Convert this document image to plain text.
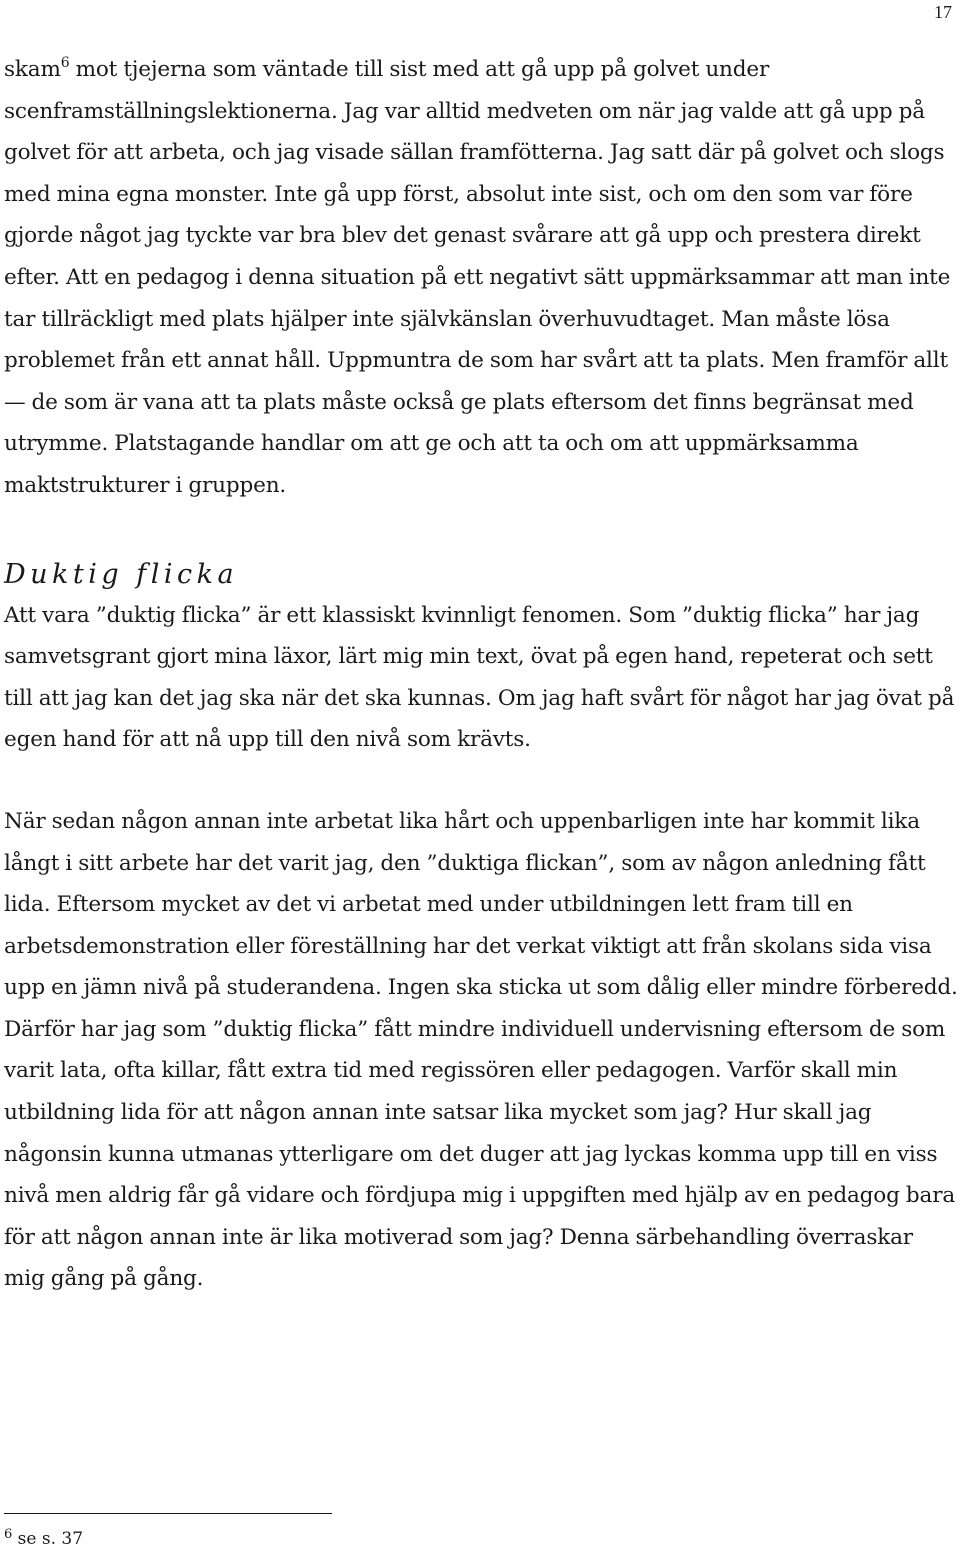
17

skam$^6$ mot tjejerna som väntade till sist med att gå upp på golvet under scenframställningslektionerna. Jag var alltid medveten om när jag valde att gå upp på golvet för att arbeta, och jag visade sällan framfötterna. Jag satt där på golvet och slogs med mina egna monster. Inte gå upp först, absolut inte sist, och om den som var före gjorde något jag tyckte var bra blev det genast svårare att gå upp och prestera direkt efter. Att en pedagog i denna situation på ett negativt sätt uppmärksammar att man inte tar tillräckligt med plats hjälper inte självkänslan överhuvudtaget. Man måste lösa problemet från ett annat håll. Uppmuntra de som har svårt att ta plats. Men framför allt — de som är vana att ta plats måste också ge plats eftersom det finns begränsat med utrymme. Platstagande handlar om att ge och att ta och om att uppmärksamma maktstrukturer i gruppen.

Duktig flicka

Att vara ”duktig flicka” är ett klassiskt kvinnligt fenomen. Som ”duktig flicka” har jag samvetsgrant gjort mina läxor, lärt mig min text, övat på egen hand, repeterat och sett till att jag kan det jag ska när det ska kunnas. Om jag haft svårt för något har jag övat på egen hand för att nå upp till den nivå som krävts.

När sedan någon annan inte arbetat lika hårt och uppenbarligen inte har kommit lika långt i sitt arbete har det varit jag, den ”duktiga flickan”, som av någon anledning fått lida. Eftersom mycket av det vi arbetat med under utbildningen lett fram till en arbetsdemonstration eller föreställning har det verkat viktigt att från skolans sida visa upp en jämn nivå på studerandena. Ingen ska sticka ut som dålig eller mindre förberedd. Därför har jag som ”duktig flicka” fått mindre individuell undervisning eftersom de som varit lata, ofta killar, fått extra tid med regissören eller pedagogen. Varför skall min utbildning lida för att någon annan inte satsar lika mycket som jag? Hur skall jag någonsin kunna utmanas ytterligare om det duger att jag lyckas komma upp till en viss nivå men aldrig får gå vidare och fördjupa mig i uppgiften med hjälp av en pedagog bara för att någon annan inte är lika motiverad som jag? Denna särbehandling överraskar mig gång på gång.

$^6$ se s. 37
